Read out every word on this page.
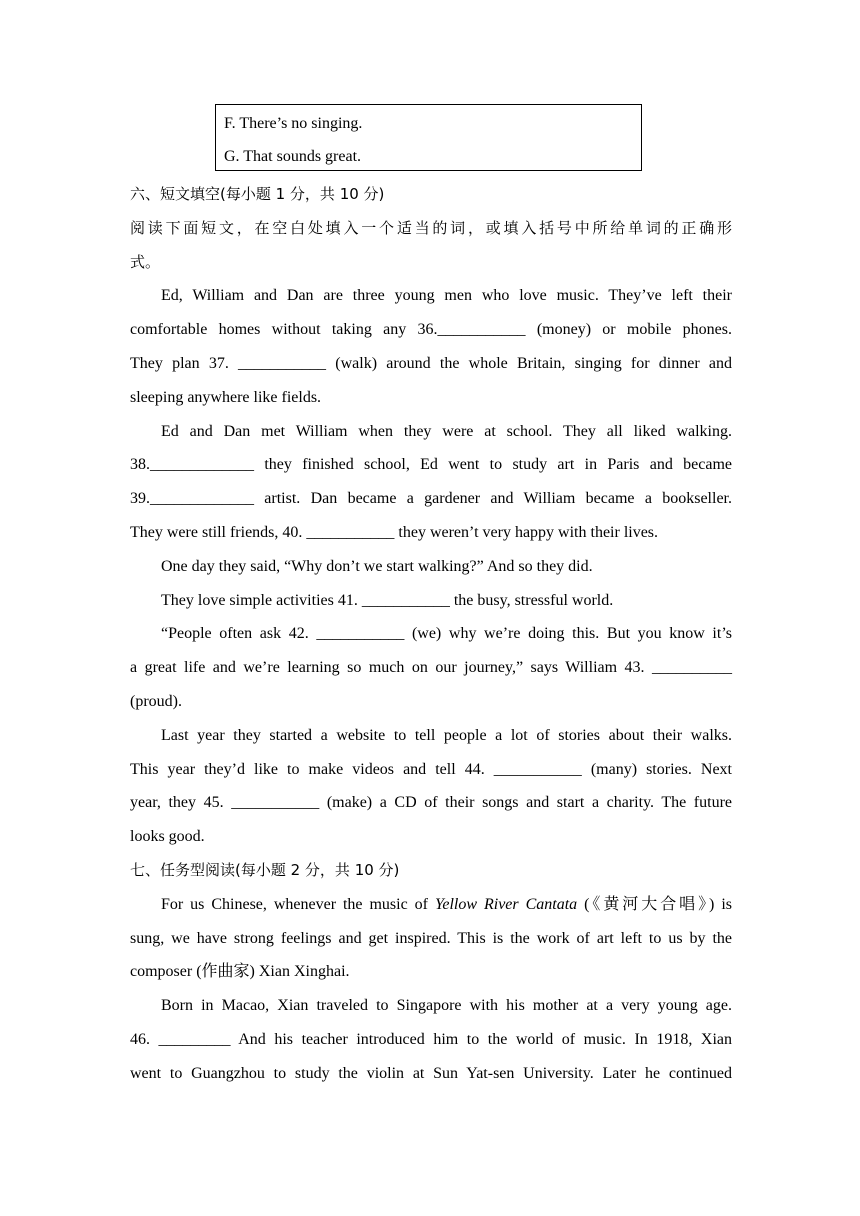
F. There’s no singing.
G. That sounds great.
六、短文填空(每小题 1 分，共 10 分)
阅读下面短文，在空白处填入一个适当的词，或填入括号中所给单词的正确形
式。
Ed, William and Dan are three young men who love music. They’ve left their
comfortable homes without taking any 36.___________ (money) or mobile phones.
They plan 37. ___________ (walk) around the whole Britain, singing for dinner and
sleeping anywhere like fields.
Ed and Dan met William when they were at school. They all liked walking.
38._____________ they finished school, Ed went to study art in Paris and became
39._____________ artist. Dan became a gardener and William became a bookseller.
They were still friends, 40. ___________ they weren’t very happy with their lives.
One day they said, “Why don’t we start walking?” And so they did.
They love simple activities 41. ___________ the busy, stressful world.
“People often ask 42. ___________ (we) why we’re doing this. But you know it’s
a great life and we’re learning so much on our journey,” says William 43. __________
(proud).
Last year they started a website to tell people a lot of stories about their walks.
This year they’d like to make videos and tell 44. ___________ (many) stories. Next
year, they 45. ___________ (make) a CD of their songs and start a charity. The future
looks good.
七、任务型阅读(每小题 2 分，共 10 分)
For us Chinese, whenever the music of Yellow River Cantata (《黄河大合唱》) is
sung, we have strong feelings and get inspired. This is the work of art left to us by the
composer (作曲家) Xian Xinghai.
Born in Macao, Xian traveled to Singapore with his mother at a very young age.
46. _________ And his teacher introduced him to the world of music. In 1918, Xian
went to Guangzhou to study the violin at Sun Yat-sen University. Later he continued
